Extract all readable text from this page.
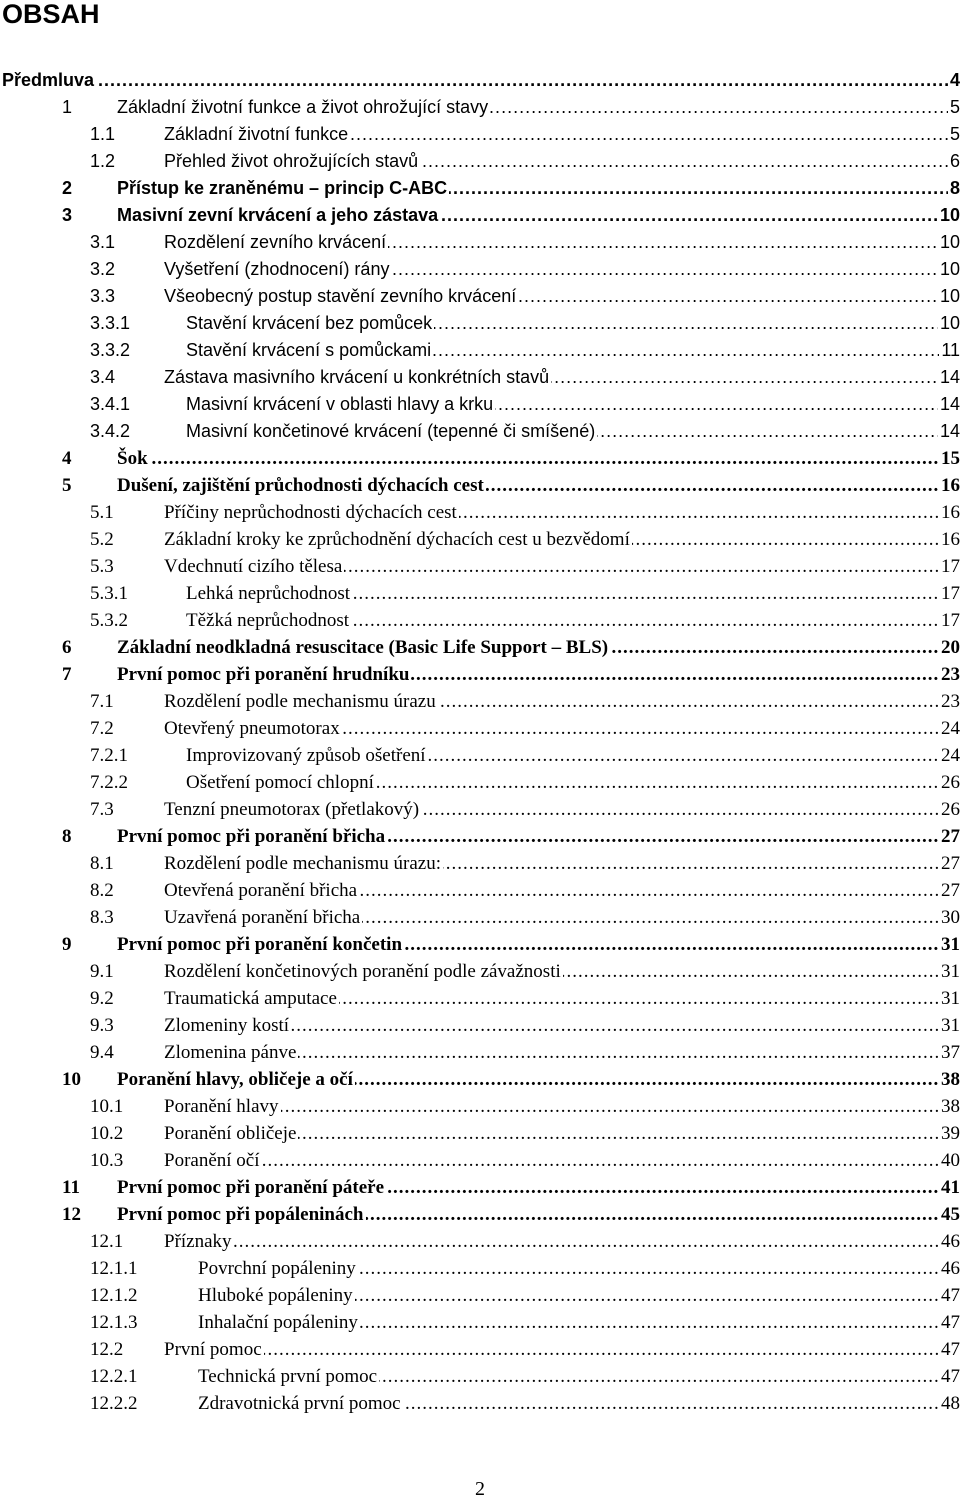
OBSAH
.....
Předmluva	4
1 ..... Základní životní funkce a život ohrožující stavy	5
1.1 .....	Základní životní funkce	5
1.2 .....	Přehled život ohrožujících stavů	6
2 ..... Přístup ke zraněnému – princip C-ABC	8
3 ..... Masivní zevní krvácení a jeho zástava	10
3.1 .....	Rozdělení zevního krvácení	10
3.2 .....	Vyšetření (zhodnocení) rány	10
3.3 .....	Všeobecný postup stavění zevního krvácení	10
3.3.1 .....	Stavění krvácení bez pomůcek	10
3.3.2 .....	Stavění krvácení s pomůckami	11
3.4 .....	Zástava masivního krvácení u konkrétních stavů	14
3.4.1 .....	Masivní krvácení v oblasti hlavy a krku	14
3.4.2 .....	Masivní končetinové krvácení (tepenné či smíšené)	14
4 ..... Šok	15
5 ..... Dušení, zajištění průchodnosti dýchacích cest	16
5.1 .....	Příčiny neprůchodnosti dýchacích cest	16
5.2 .....	Základní kroky ke zprůchodnění dýchacích cest u bezvědomí	16
5.3 .....	Vdechnutí cizího tělesa	17
5.3.1 .....	Lehká neprůchodnost	17
5.3.2 .....	Těžká neprůchodnost	17
6 ..... Základní neodkladná resuscitace (Basic Life Support – BLS)	20
7 ..... První pomoc při poranění hrudníku	23
7.1 .....	Rozdělení podle mechanismu úrazu	23
7.2 .....	Otevřený pneumotorax	24
7.2.1 .....	Improvizovaný způsob ošetření	24
7.2.2 .....	Ošetření pomocí chlopní	26
7.3 .....	Tenzní pneumotorax (přetlakový)	26
8 ..... První pomoc při poranění břicha	27
8.1 .....	Rozdělení podle mechanismu úrazu:	27
8.2 .....	Otevřená poranění břicha	27
8.3 .....	Uzavřená poranění břicha	30
9 ..... První pomoc při poranění končetin	31
9.1 .....	Rozdělení končetinových poranění podle závažnosti	31
9.2 .....	Traumatická amputace	31
9.3 .....	Zlomeniny kostí	31
9.4 .....	Zlomenina pánve	37
10 ..... Poranění hlavy, obličeje a očí	38
10.1 ..... Poranění hlavy	38
10.2 ..... Poranění obličeje	39
10.3 ..... Poranění očí	40
11 ..... První pomoc při poranění páteře	41
12 ..... První pomoc při popáleninách	45
12.1 ..... Příznaky	46
12.1.1 .....	Povrchní popáleniny	46
12.1.2 .....	Hluboké popáleniny	47
12.1.3 .....	Inhalační popáleniny	47
12.2 ..... První pomoc	47
12.2.1 .....	Technická první pomoc	47
12.2.2 .....	Zdravotnická první pomoc	48
2
